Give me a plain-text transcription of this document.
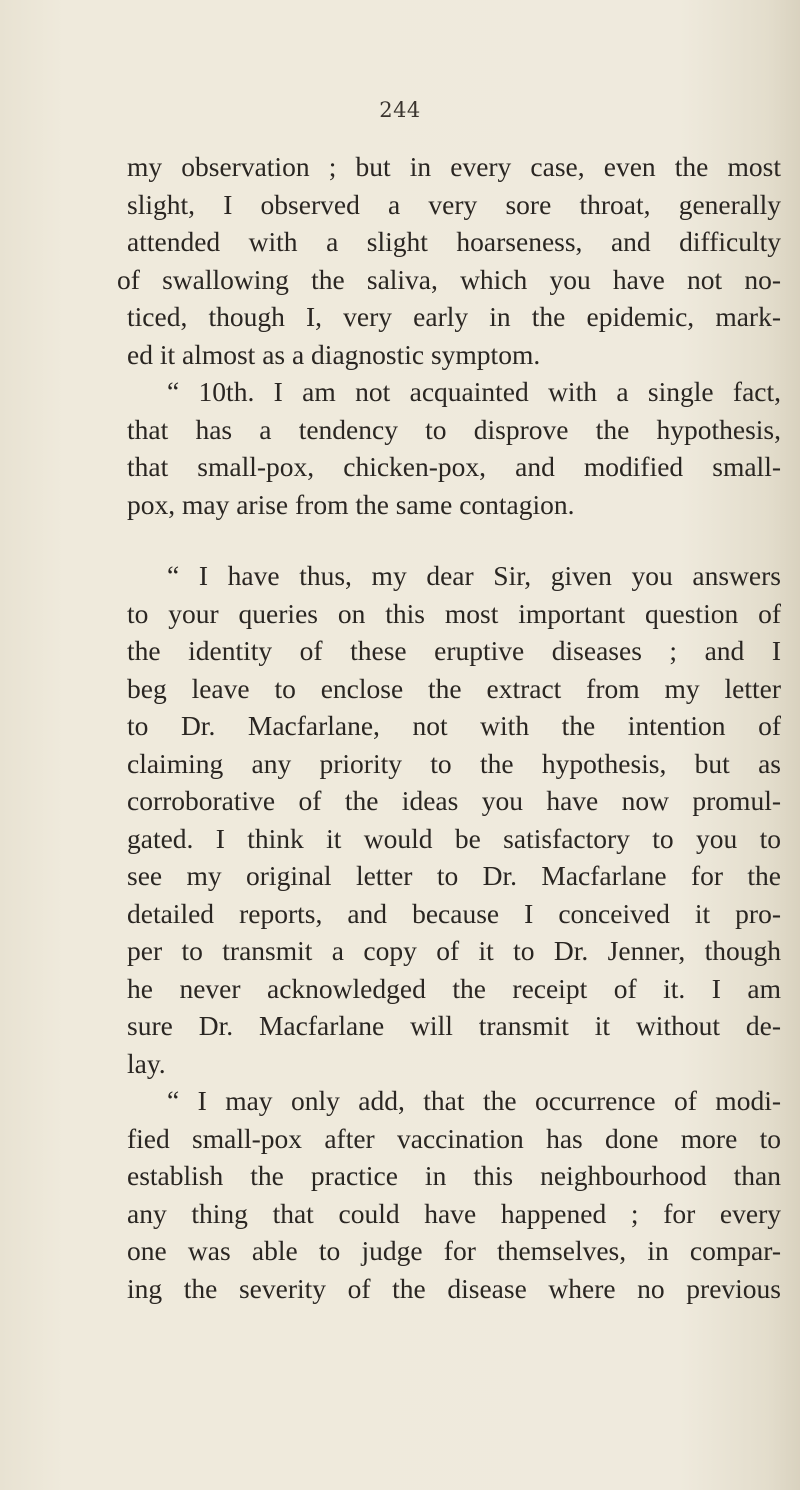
244
my observation ; but in every case, even the most
slight, I observed a very sore throat, generally
attended with a slight hoarseness, and difficulty
of swallowing the saliva, which you have not no-
ticed, though I, very early in the epidemic, mark-
ed it almost as a diagnostic symptom.
“ 10th. I am not acquainted with a single fact,
that has a tendency to disprove the hypothesis,
that small-pox, chicken-pox, and modified small-
pox, may arise from the same contagion.
“ I have thus, my dear Sir, given you answers
to your queries on this most important question of
the identity of these eruptive diseases ; and I
beg leave to enclose the extract from my letter
to Dr. Macfarlane, not with the intention of
claiming any priority to the hypothesis, but as
corroborative of the ideas you have now promul-
gated. I think it would be satisfactory to you to
see my original letter to Dr. Macfarlane for the
detailed reports, and because I conceived it pro-
per to transmit a copy of it to Dr. Jenner, though
he never acknowledged the receipt of it. I am
sure Dr. Macfarlane will transmit it without de-
lay.
“ I may only add, that the occurrence of modi-
fied small-pox after vaccination has done more to
establish the practice in this neighbourhood than
any thing that could have happened ; for every
one was able to judge for themselves, in compar-
ing the severity of the disease where no previous
